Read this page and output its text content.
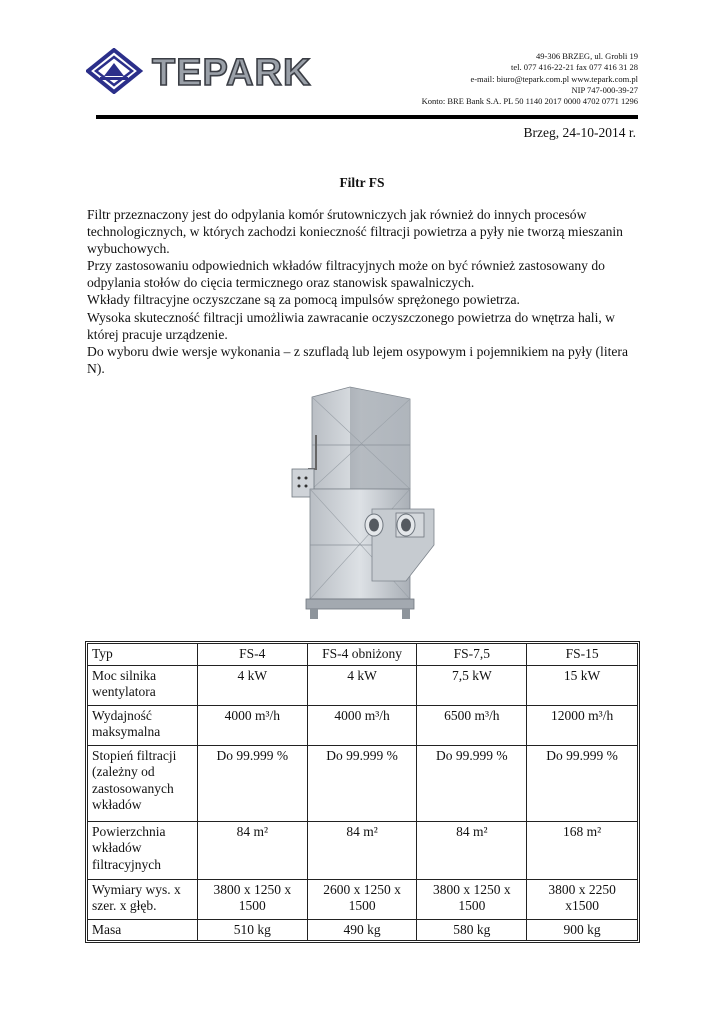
TEPARK	49-306 BRZEG, ul. Grobli 19
tel. 077 416-22-21 fax 077 416 31 28
e-mail: biuro@tepark.com.pl www.tepark.com.pl
NIP 747-000-39-27
Konto: BRE Bank S.A. PL 50 1140 2017 0000 4702 0771 1296
Brzeg, 24-10-2014 r.
Filtr FS

Filtr przeznaczony jest do odpylania komór śrutowniczych jak również do innych procesów technologicznych, w których zachodzi konieczność filtracji powietrza a pyły nie tworzą mieszanin wybuchowych.

Przy zastosowaniu odpowiednich wkładów filtracyjnych może on być również zastosowany do odpylania stołów do cięcia termicznego oraz stanowisk spawalniczych.

Wkłady filtracyjne oczyszczane są za pomocą impulsów sprężonego powietrza.

Wysoka skuteczność filtracji umożliwia zawracanie oczyszczonego powietrza do wnętrza hali, w której pracuje urządzenie.

Do wyboru dwie wersje wykonania – z szufladą lub lejem osypowym i pojemnikiem na pyły (litera N).

Typ	FS-4	FS-4 obniżony	FS-7,5	FS-15
Moc silnika wentylatora	4 kW	4 kW	7,5 kW	15 kW
Wydajność maksymalna	4000 m³/h	4000 m³/h	6500 m³/h	12000 m³/h
Stopień filtracji (zależny od zastosowanych wkładów	Do 99.999 %	Do 99.999 %	Do 99.999 %	Do 99.999 %
Powierzchnia wkładów filtracyjnych	84 m²	84 m²	84 m²	168 m²
Wymiary wys. x szer. x głęb.	3800 x 1250 x 1500	2600 x 1250 x 1500	3800 x 1250 x 1500	3800 x 2250 x1500
Masa	510 kg	490 kg	580 kg	900 kg
